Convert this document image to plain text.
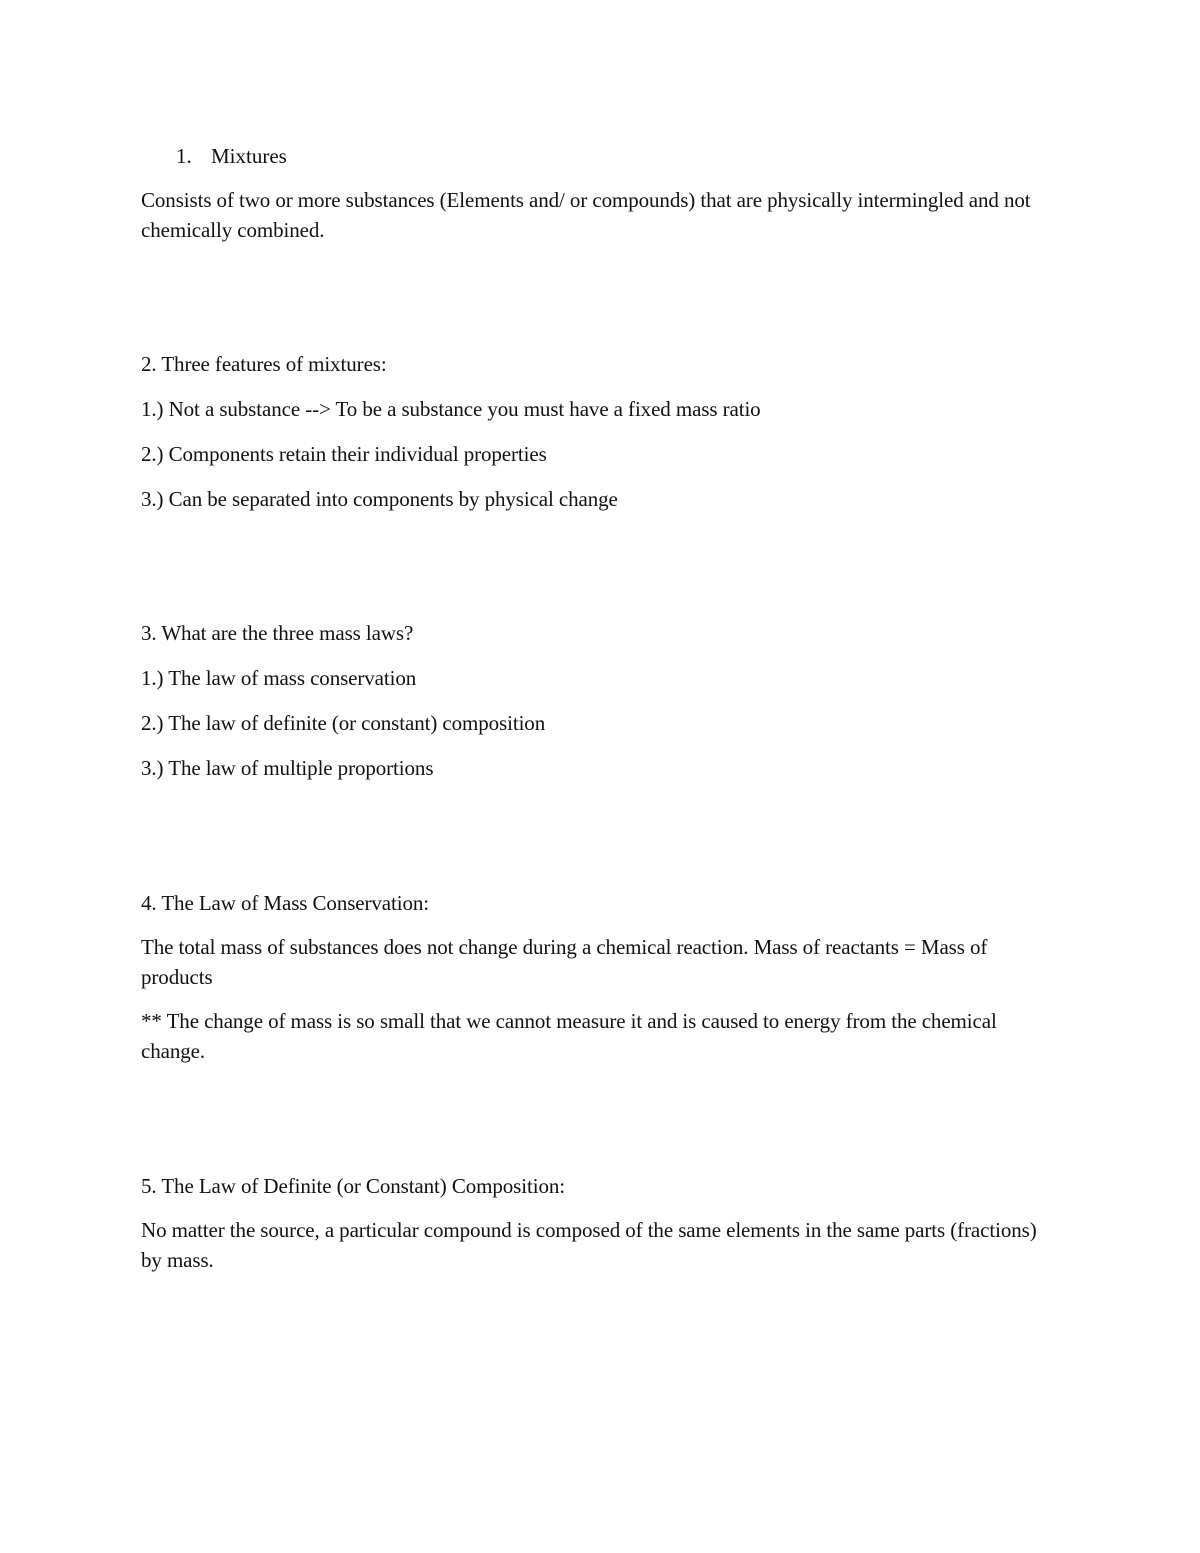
1. Mixtures
Consists of two or more substances (Elements and/ or compounds) that are physically intermingled and not chemically combined.
2. Three features of mixtures:
1.) Not a substance --> To be a substance you must have a fixed mass ratio
2.) Components retain their individual properties
3.) Can be separated into components by physical change
3. What are the three mass laws?
1.) The law of mass conservation
2.) The law of definite (or constant) composition
3.) The law of multiple proportions
4. The Law of Mass Conservation:
The total mass of substances does not change during a chemical reaction. Mass of reactants = Mass of products
** The change of mass is so small that we cannot measure it and is caused to energy from the chemical change.
5. The Law of Definite (or Constant) Composition:
No matter the source, a particular compound is composed of the same elements in the same parts (fractions) by mass.
